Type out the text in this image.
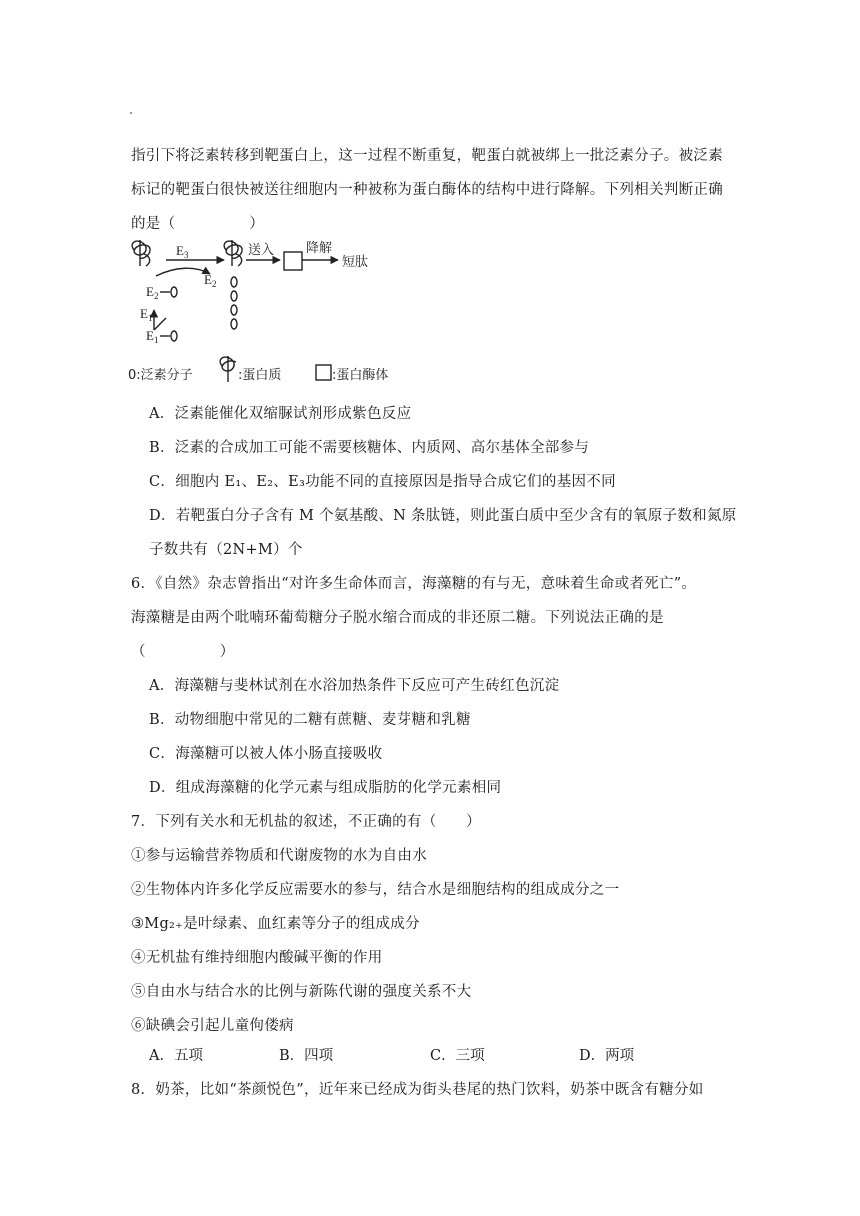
指引下将泛素转移到靶蛋白上，这一过程不断重复，靶蛋白就被绑上一批泛素分子。被泛素
标记的靶蛋白很快被送往细胞内一种被称为蛋白酶体的结构中进行降解。下列相关判断正确
的是（　　　　　）
$E_3$
$E_2$
$E_2$
$E_1$
$E_1$
送入 降解
短肽
0:泛素分子	:蛋白质	:蛋白酶体
A．泛素能催化双缩脲试剂形成紫色反应
B．泛素的合成加工可能不需要核糖体、内质网、高尔基体全部参与
C．细胞内 E₁、E₂、E₃功能不同的直接原因是指导合成它们的基因不同
D．若靶蛋白分子含有 M 个氨基酸、N 条肽链，则此蛋白质中至少含有的氧原子数和氮原
子数共有（2N+M）个
6．《自然》杂志曾指出“对许多生命体而言，海藻糖的有与无，意味着生命或者死亡”。
海藻糖是由两个吡喃环葡萄糖分子脱水缩合而成的非还原二糖。下列说法正确的是
（　　　　　）
A．海藻糖与斐林试剂在水浴加热条件下反应可产生砖红色沉淀
B．动物细胞中常见的二糖有蔗糖、麦芽糖和乳糖
C．海藻糖可以被人体小肠直接吸收
D．组成海藻糖的化学元素与组成脂肪的化学元素相同
7．下列有关水和无机盐的叙述，不正确的有（　　）
①参与运输营养物质和代谢废物的水为自由水
②生物体内许多化学反应需要水的参与，结合水是细胞结构的组成成分之一
③Mg₂₊是叶绿素、血红素等分子的组成成分
④无机盐有维持细胞内酸碱平衡的作用
⑤自由水与结合水的比例与新陈代谢的强度关系不大
⑥缺碘会引起儿童佝偻病
A．五项	B．四项	C．三项	D．两项
8．奶茶，比如“茶颜悦色”，近年来已经成为街头巷尾的热门饮料，奶茶中既含有糖分如
